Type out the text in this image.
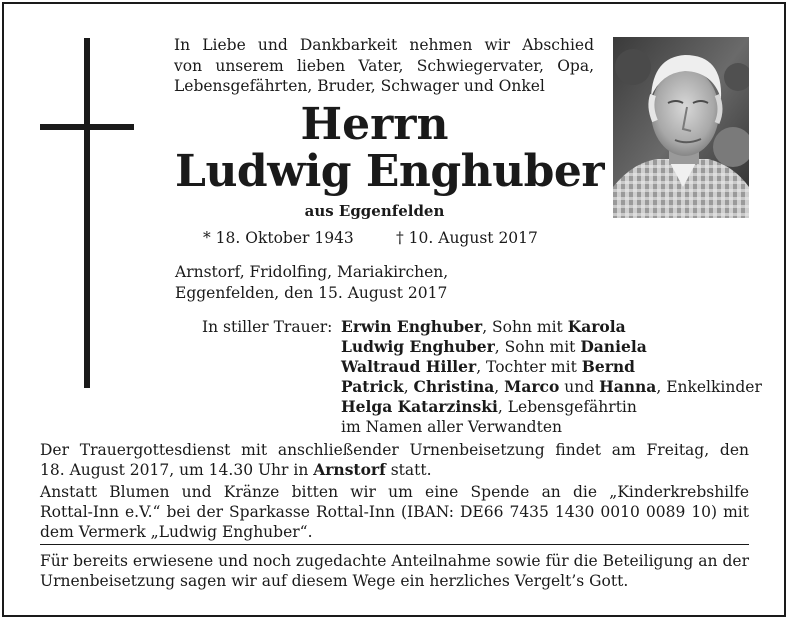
In Liebe und Dankbarkeit nehmen wir Abschied
von unserem lieben Vater, Schwiegervater, Opa,
Lebensgefährten, Bruder, Schwager und Onkel
Herrn
Ludwig Enghuber
aus Eggenfelden
* 18. Oktober 1943	† 10. August 2017
Arnstorf, Fridolfing, Mariakirchen,
Eggenfelden, den 15. August 2017
In stiller Trauer: Erwin Enghuber, Sohn mit Karola
Ludwig Enghuber, Sohn mit Daniela
Waltraud Hiller, Tochter mit Bernd
Patrick, Christina, Marco und Hanna, Enkelkinder
Helga Katarzinski, Lebensgefährtin
im Namen aller Verwandten
Der Trauergottesdienst mit anschließender Urnenbeisetzung findet am Freitag, den
18. August 2017, um 14.30 Uhr in Arnstorf statt.
Anstatt Blumen und Kränze bitten wir um eine Spende an die „Kinderkrebshilfe
Rottal-Inn e.V.“ bei der Sparkasse Rottal-Inn (IBAN: DE66 7435 1430 0010 0089 10) mit
dem Vermerk „Ludwig Enghuber“.
Für bereits erwiesene und noch zugedachte Anteilnahme sowie für die Beteiligung an der
Urnenbeisetzung sagen wir auf diesem Wege ein herzliches Vergelt’s Gott.
